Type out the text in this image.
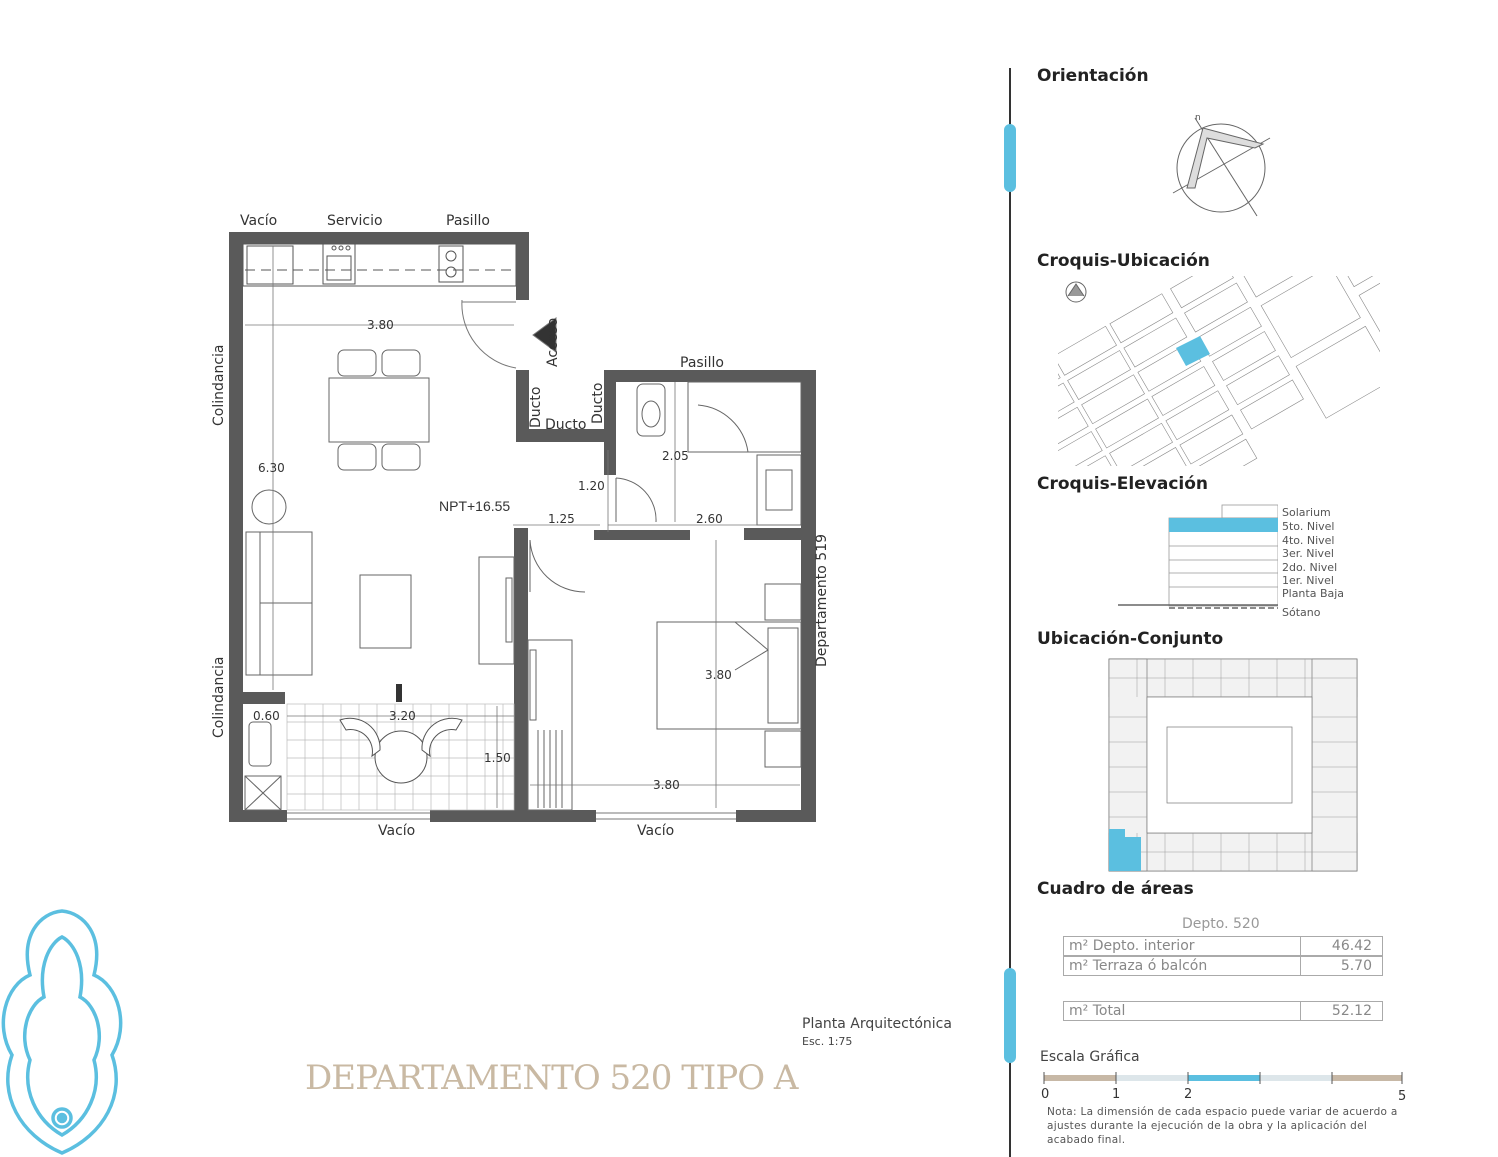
Vacío	Servicio	Pasillo
Pasillo
Acceso
Ducto Ducto
Ducto
Colindancia
Colindancia
Departamento 519
Vacío	Vacío
NPT+16.55
3.80
6.30
1.20
1.25
2.05
2.60
3.80
3.80
0.60	3.20
1.50
Planta Arquitectónica
Esc. 1:75
DEPARTAMENTO 520 TIPO A
Orientación
n
Croquis-Ubicación
Croquis-Elevación
Solarium
5to. Nivel
4to. Nivel
3er. Nivel
2do. Nivel
1er. Nivel
Planta Baja
Sótano
Ubicación-Conjunto
Cuadro de áreas
Depto. 520
m² Depto. interior	46.42
m² Terraza ó balcón	5.70
m² Total	52.12
Escala Gráfica
0	1	2	5
Nota: La dimensión de cada espacio puede variar de acuerdo a ajustes durante la ejecución de la obra y la aplicación del acabado final.
